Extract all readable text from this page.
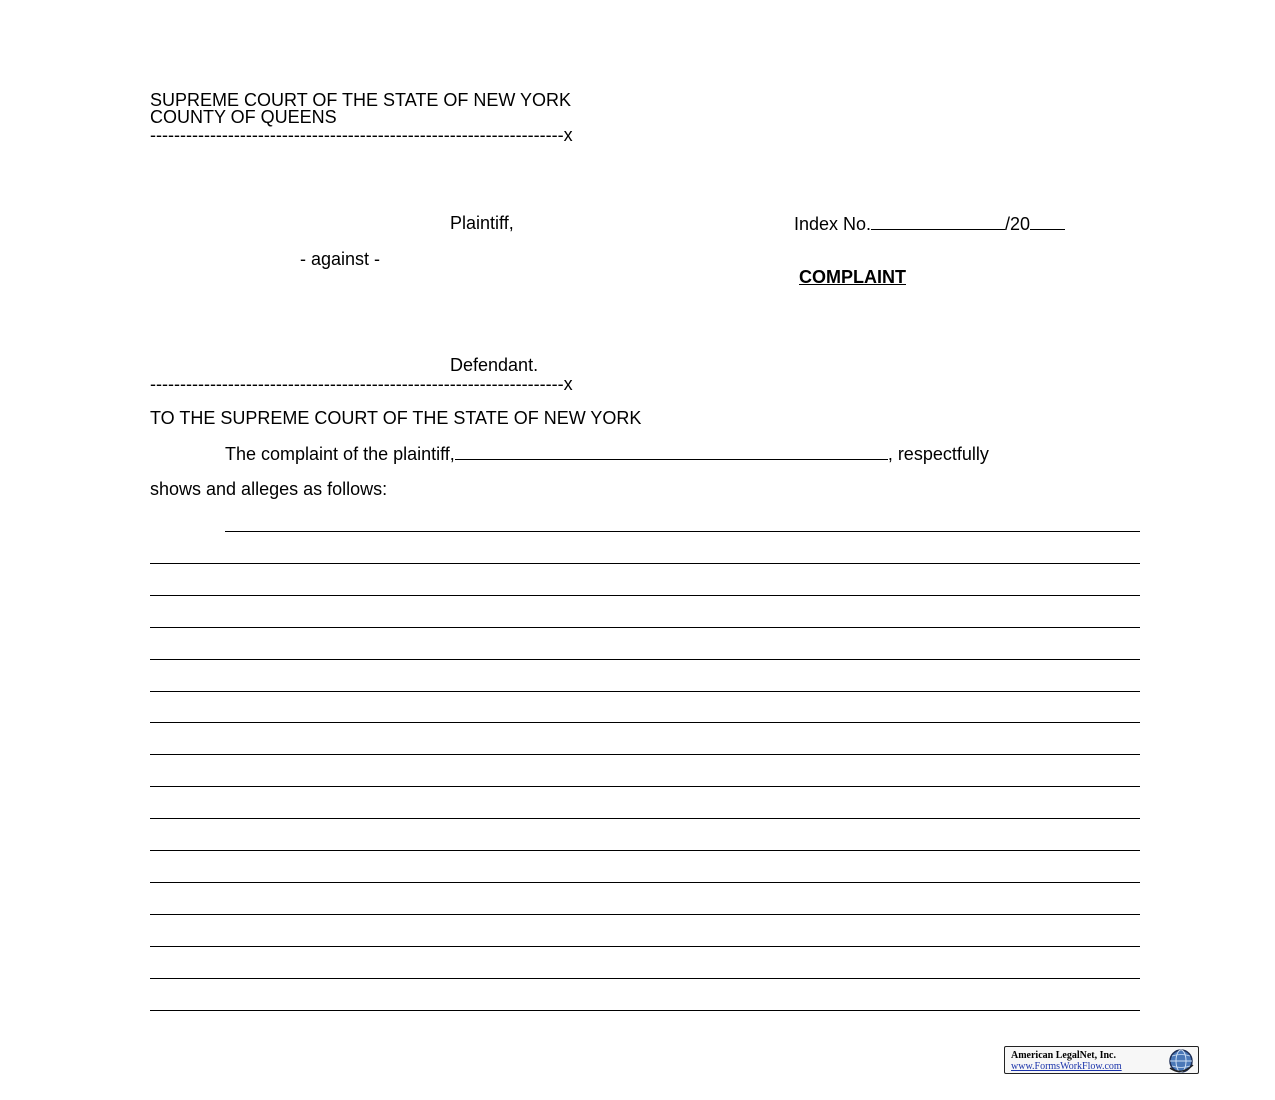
SUPREME COURT OF THE STATE OF NEW YORK
COUNTY OF QUEENS
---------------------------------------------------------------------x
Plaintiff,	Index No.	/20
- against -
COMPLAINT
Defendant.
---------------------------------------------------------------------x
TO THE SUPREME COURT OF THE STATE OF NEW YORK
The complaint of the plaintiff,	, respectfully
shows and alleges as follows:
American LegalNet, Inc.
www.FormsWorkFlow.com
